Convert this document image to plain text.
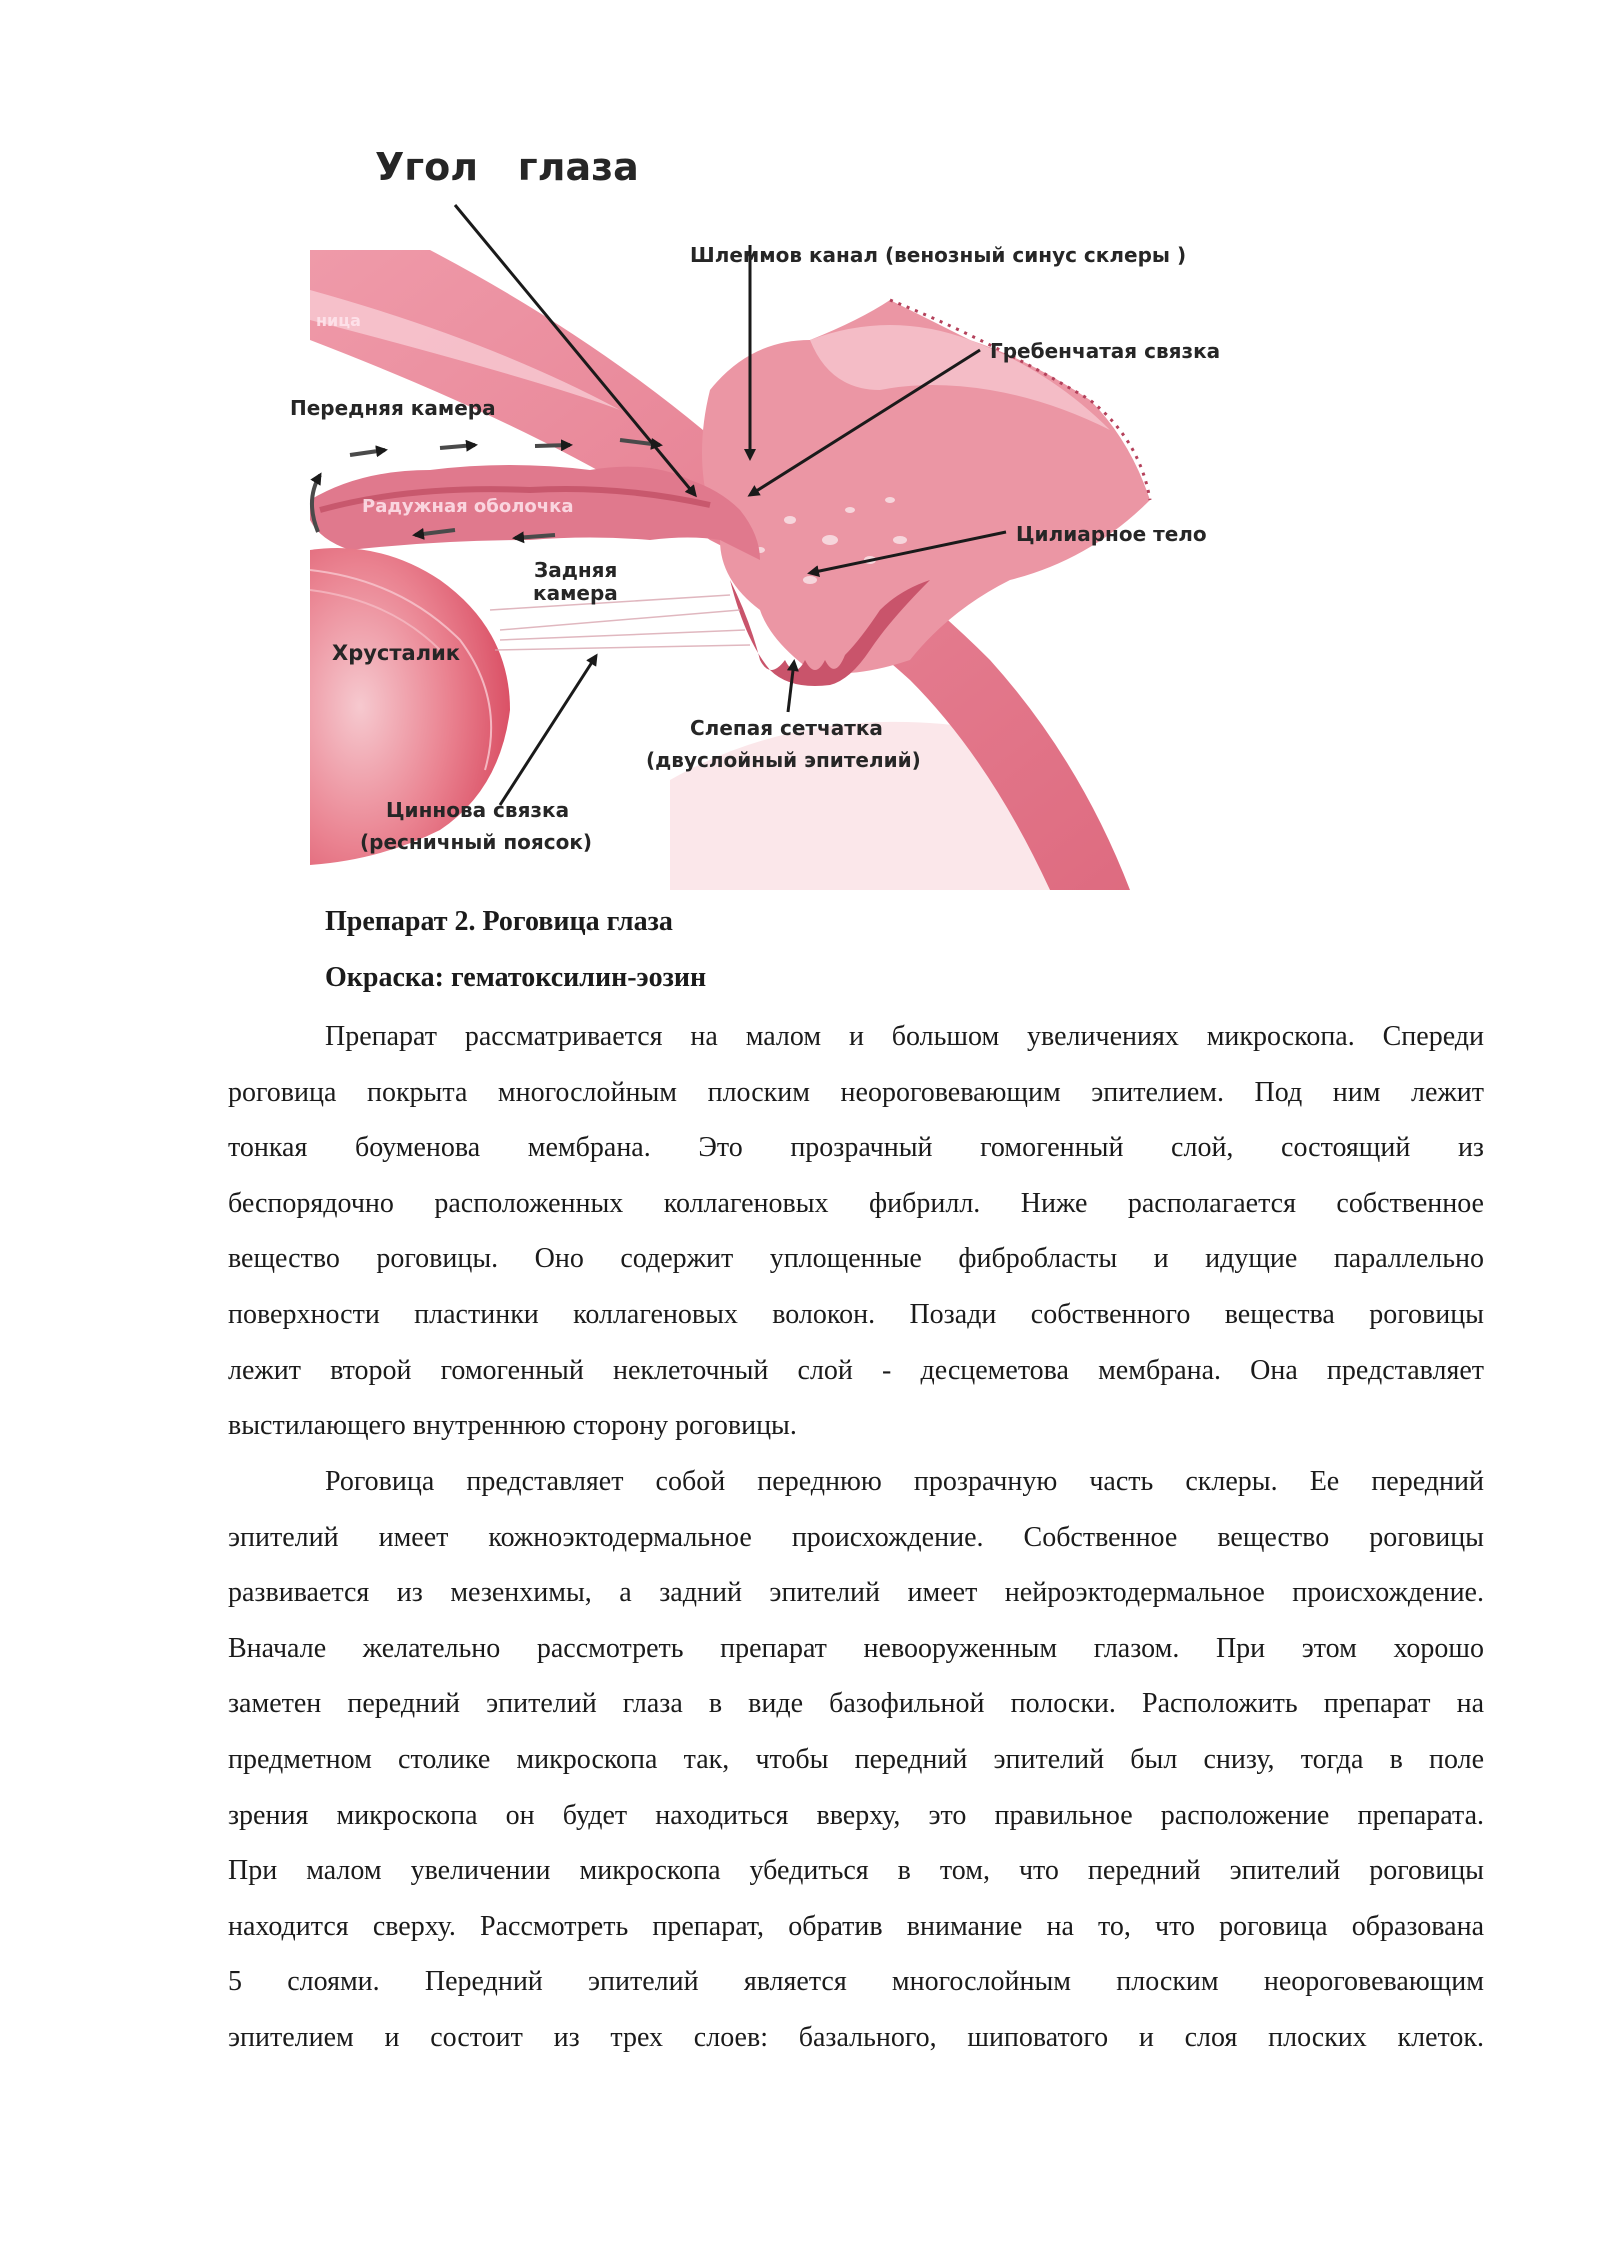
ница
Радужная оболочка
Угол   глаза
Шлеммов канал (венозный синус склеры )
Гребенчатая связка
Передняя камера
Цилиарное тело
Задняя
камера
Хрусталик
Слепая сетчатка
(двуслойный эпителий)
Циннова связка
(ресничный поясок)
Препарат 2. Роговица глаза
Окраска: гематоксилин-эозин
Препарат рассматривается на малом и большом увеличениях микроскопа. Спереди
роговица покрыта многослойным плоским неороговевающим эпителием. Под ним лежит
тонкая боуменова мембрана. Это прозрачный гомогенный слой, состоящий из
беспорядочно расположенных коллагеновых фибрилл. Ниже располагается собственное
вещество роговицы. Оно содержит уплощенные фибробласты и идущие параллельно
поверхности пластинки коллагеновых волокон. Позади собственного вещества роговицы
лежит второй гомогенный неклеточный слой - десцеметова мембрана. Она представляет
выстилающего внутреннюю сторону роговицы.
Роговица представляет собой переднюю прозрачную часть склеры. Ее передний
эпителий имеет кожноэктодермальное происхождение. Собственное вещество роговицы
развивается из мезенхимы, а задний эпителий имеет нейроэктодермальное происхождение.
Вначале желательно рассмотреть препарат невооруженным глазом. При этом хорошо
заметен передний эпителий глаза в виде базофильной полоски. Расположить препарат на
предметном столике микроскопа так, чтобы передний эпителий был снизу, тогда в поле
зрения микроскопа он будет находиться вверху, это правильное расположение препарата.
При малом увеличении микроскопа убедиться в том, что передний эпителий роговицы
находится сверху. Рассмотреть препарат, обратив внимание на то, что роговица образована
5 слоями. Передний эпителий является многослойным плоским неороговевающим
эпителием и состоит из трех слоев: базального, шиповатого и слоя плоских клеток.
